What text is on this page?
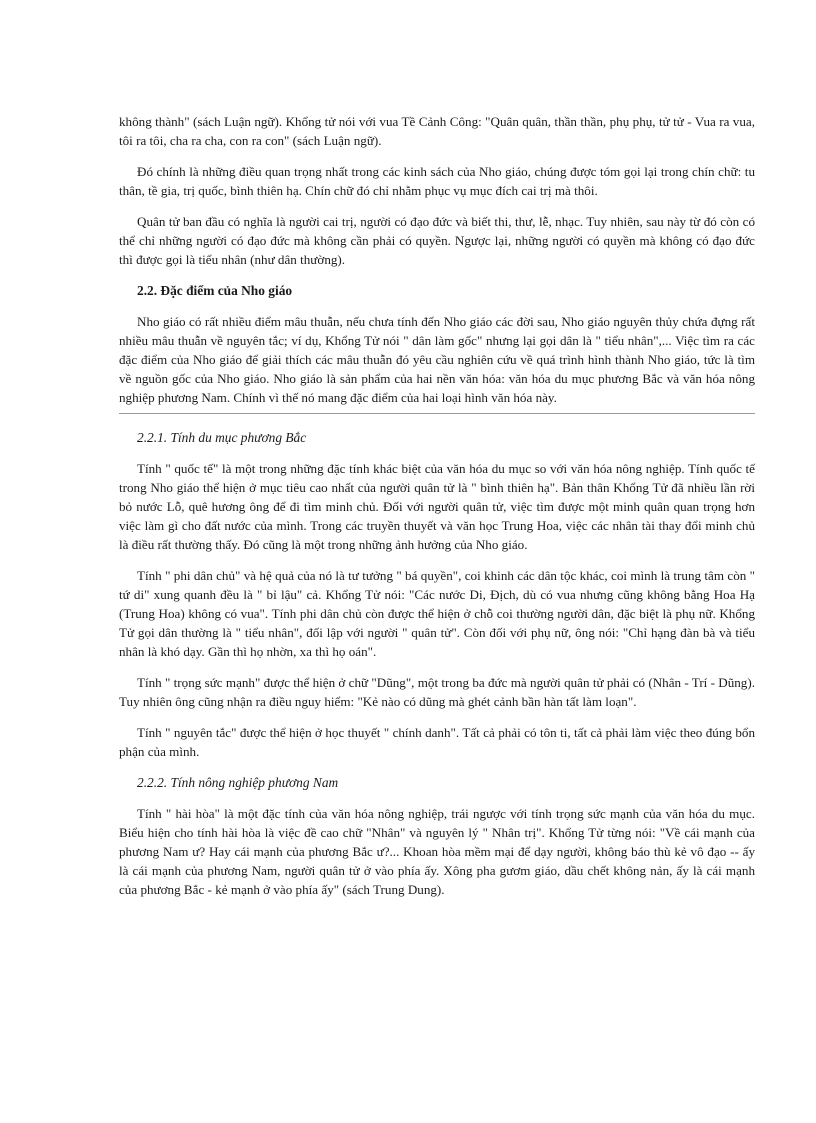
không thành" (sách Luận ngữ). Khổng tử nói với vua Tề Cảnh Công: "Quân quân, thần thần, phụ phụ, tử tử - Vua ra vua, tôi ra tôi, cha ra cha, con ra con" (sách Luận ngữ).

Đó chính là những điều quan trọng nhất trong các kinh sách của Nho giáo, chúng được tóm gọi lại trong chín chữ: tu thân, tề gia, trị quốc, bình thiên hạ. Chín chữ đó chỉ nhằm phục vụ mục đích cai trị mà thôi.

Quân tử ban đầu có nghĩa là người cai trị, người có đạo đức và biết thi, thư, lễ, nhạc. Tuy nhiên, sau này từ đó còn có thể chỉ những người có đạo đức mà không cần phải có quyền. Ngược lại, những người có quyền mà không có đạo đức thì được gọi là tiểu nhân (như dân thường).

2.2. Đặc điểm của Nho giáo

Nho giáo có rất nhiều điểm mâu thuẫn, nếu chưa tính đến Nho giáo các đời sau, Nho giáo nguyên thủy chứa đựng rất nhiều mâu thuẫn về nguyên tắc; ví dụ, Khổng Tử nói " dân làm gốc" nhưng lại gọi dân là " tiểu nhân",... Việc tìm ra các đặc điểm của Nho giáo để giải thích các mâu thuẫn đó yêu cầu nghiên cứu về quá trình hình thành Nho giáo, tức là tìm về nguồn gốc của Nho giáo. Nho giáo là sản phẩm của hai nền văn hóa: văn hóa du mục phương Bắc và văn hóa nông nghiệp phương Nam. Chính vì thế nó mang đặc điểm của hai loại hình văn hóa này.

2.2.1. Tính du mục phương Bắc

Tính " quốc tế" là một trong những đặc tính khác biệt của văn hóa du mục so với văn hóa nông nghiệp. Tính quốc tế trong Nho giáo thể hiện ở mục tiêu cao nhất của người quân tử là " bình thiên hạ". Bản thân Khổng Tử đã nhiều lần rời bỏ nước Lỗ, quê hương ông để đi tìm minh chủ. Đối với người quân tử, việc tìm được một minh quân quan trọng hơn việc làm gì cho đất nước của mình. Trong các truyền thuyết và văn học Trung Hoa, việc các nhân tài thay đổi minh chủ là điều rất thường thấy. Đó cũng là một trong những ảnh hưởng của Nho giáo.

Tính " phi dân chủ" và hệ quả của nó là tư tưởng " bá quyền", coi khinh các dân tộc khác, coi mình là trung tâm còn " tứ di" xung quanh đều là " bỉ lậu" cả. Khổng Tử nói: "Các nước Di, Địch, dù có vua nhưng cũng không bằng Hoa Hạ (Trung Hoa) không có vua". Tính phi dân chủ còn được thể hiện ở chỗ coi thường người dân, đặc biệt là phụ nữ. Khổng Tử gọi dân thường là " tiểu nhân", đối lập với người " quân tử". Còn đối với phụ nữ, ông nói: "Chỉ hạng đàn bà và tiểu nhân là khó dạy. Gần thì họ nhờn, xa thì họ oán".

Tính " trọng sức mạnh" được thể hiện ở chữ "Dũng", một trong ba đức mà người quân tử phải có (Nhân - Trí - Dũng). Tuy nhiên ông cũng nhận ra điều nguy hiểm: "Kẻ nào có dũng mà ghét cảnh bần hàn tất làm loạn".

Tính " nguyên tắc" được thể hiện ở học thuyết " chính danh". Tất cả phải có tôn ti, tất cả phải làm việc theo đúng bổn phận của mình.

2.2.2. Tính nông nghiệp phương Nam

Tính " hài hòa" là một đặc tính của văn hóa nông nghiệp, trái ngược với tính trọng sức mạnh của văn hóa du mục. Biểu hiện cho tính hài hòa là việc đề cao chữ "Nhân" và nguyên lý " Nhân trị". Khổng Tử từng nói: "Về cái mạnh của phương Nam ư? Hay cái mạnh của phương Bắc ư?... Khoan hòa mềm mại để dạy người, không báo thù kẻ vô đạo -- ấy là cái mạnh của phương Nam, người quân tử ở vào phía ấy. Xông pha gươm giáo, dầu chết không nản, ấy là cái mạnh của phương Bắc - kẻ mạnh ở vào phía ấy" (sách Trung Dung).
